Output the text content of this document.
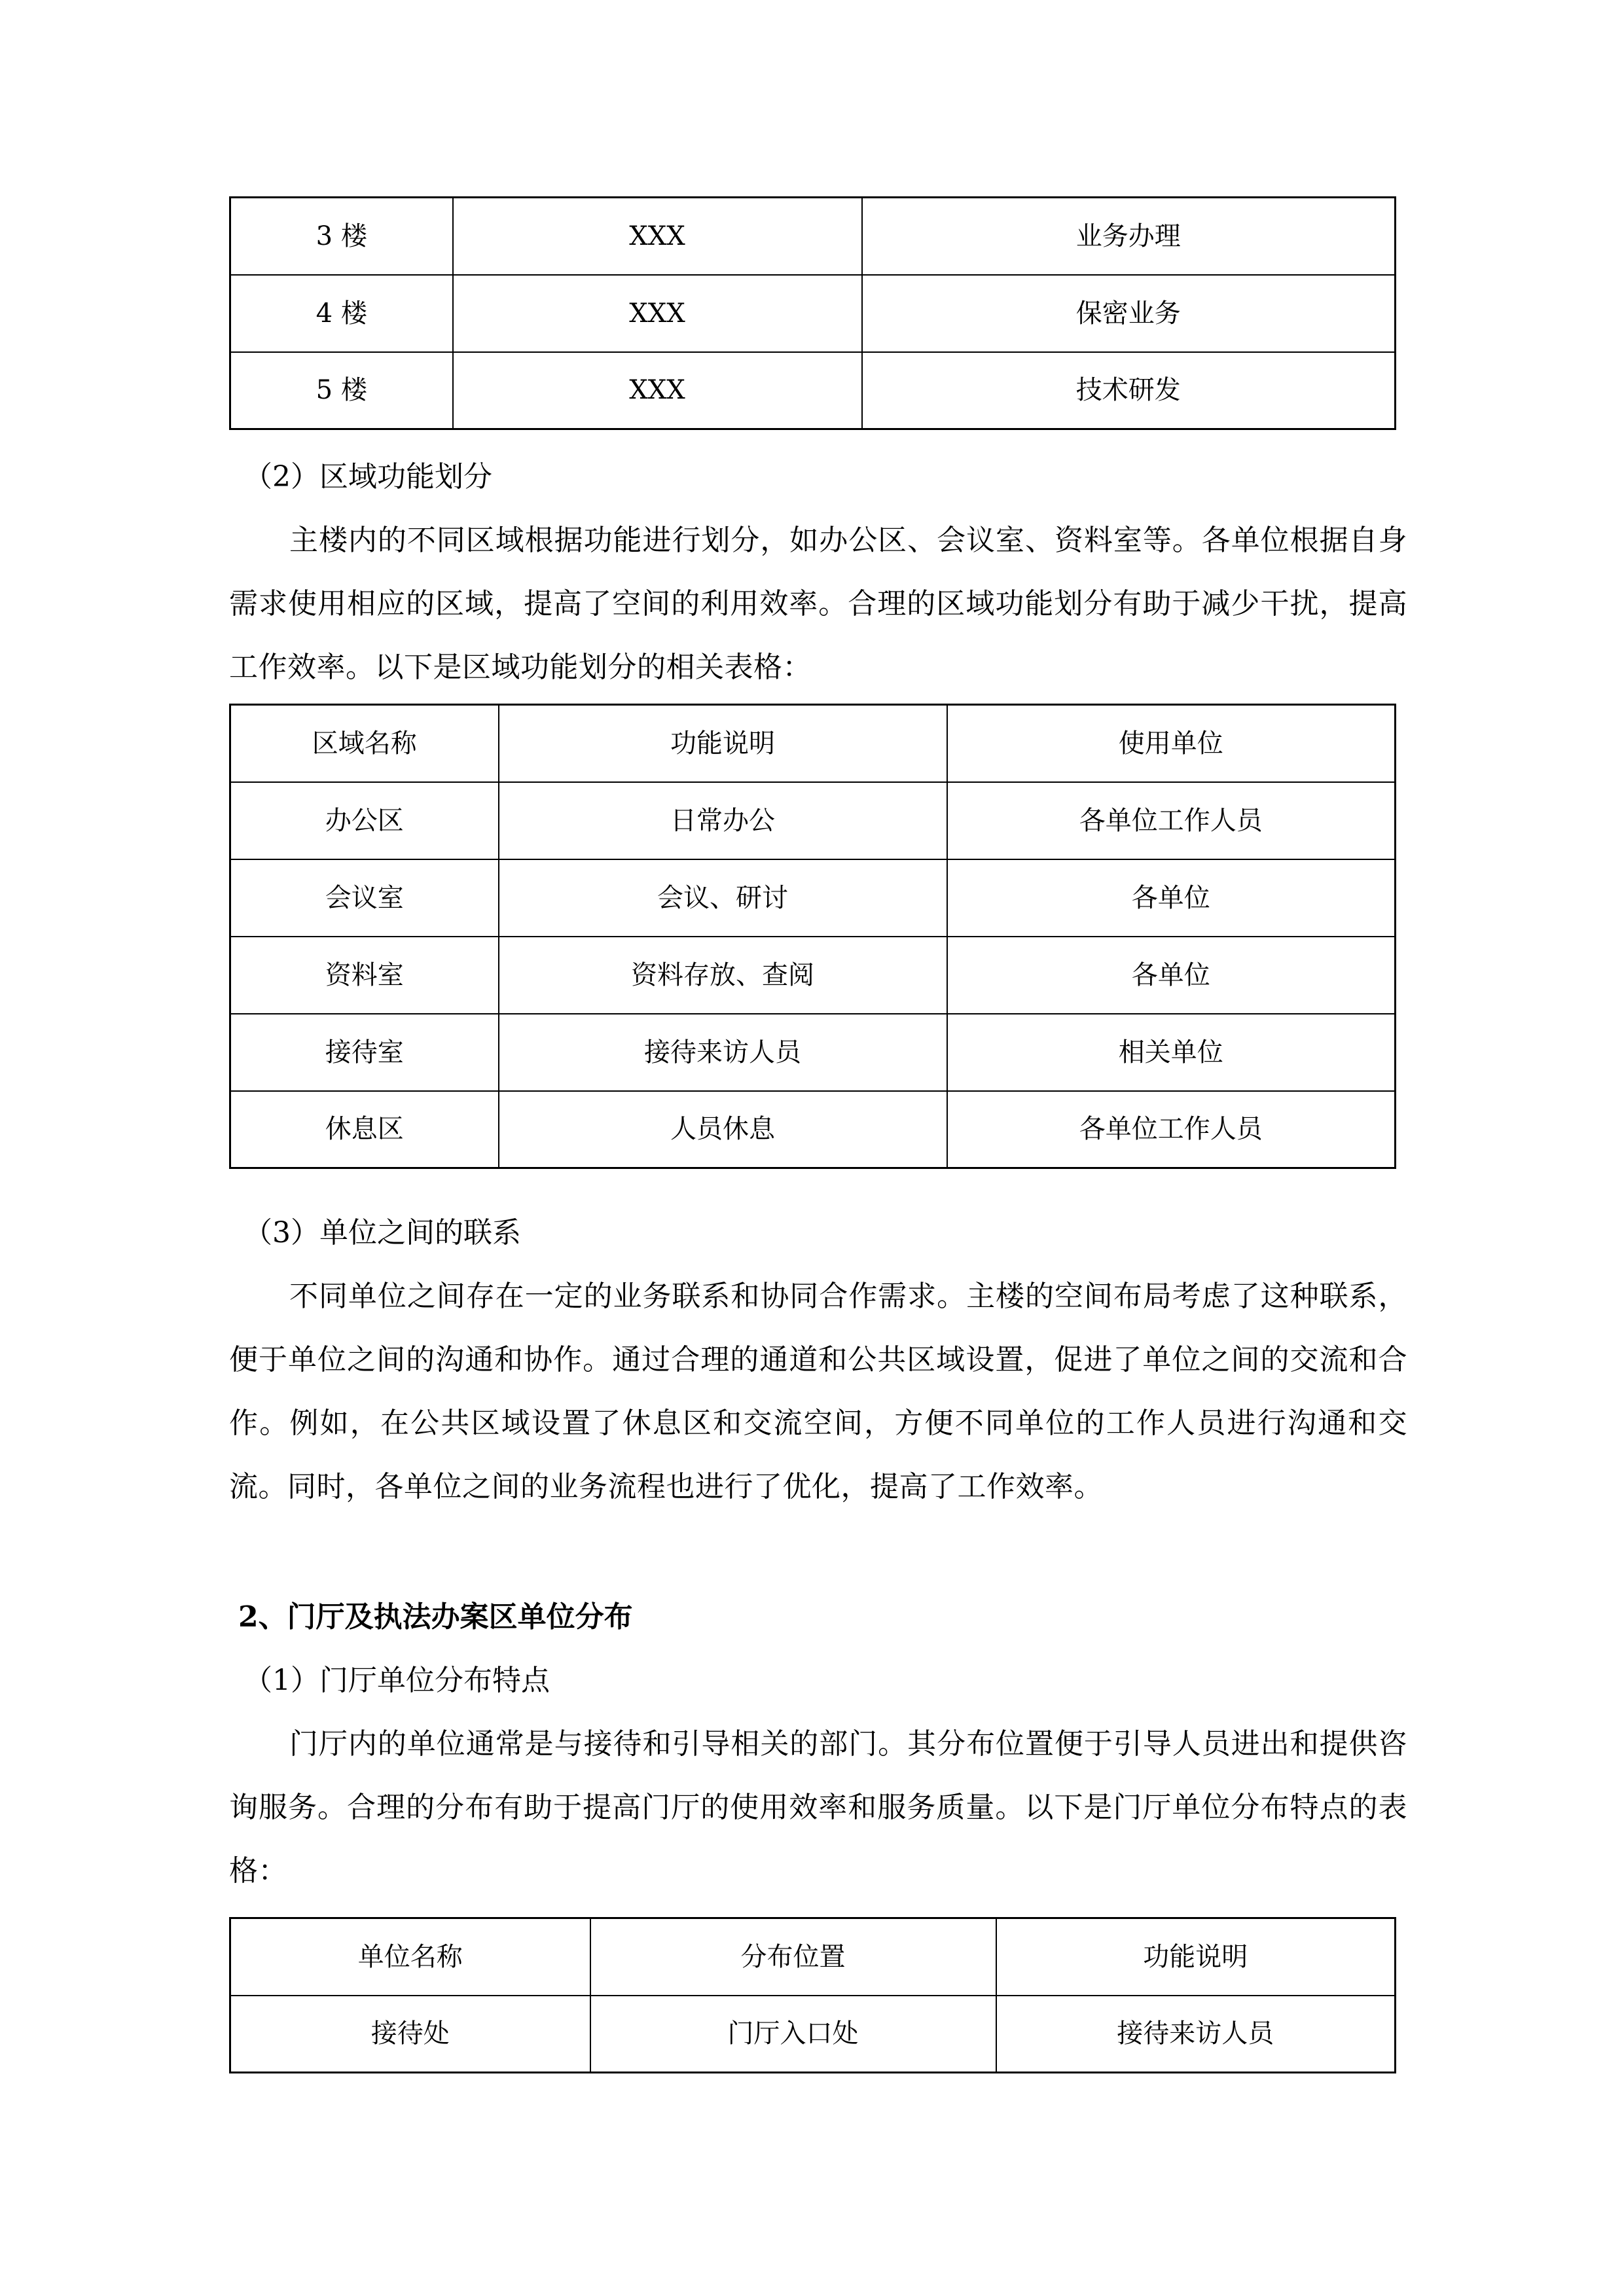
3 楼	XXX	业务办理
4 楼	XXX	保密业务
5 楼	XXX	技术研发
（2）区域功能划分
主楼内的不同区域根据功能进行划分，如办公区、会议室、资料室等。各单位根据自身需求使用相应的区域，提高了空间的利用效率。合理的区域功能划分有助于减少干扰，提高工作效率。以下是区域功能划分的相关表格：
区域名称	功能说明	使用单位
办公区	日常办公	各单位工作人员
会议室	会议、研讨	各单位
资料室	资料存放、查阅	各单位
接待室	接待来访人员	相关单位
休息区	人员休息	各单位工作人员
（3）单位之间的联系
不同单位之间存在一定的业务联系和协同合作需求。主楼的空间布局考虑了这种联系，便于单位之间的沟通和协作。通过合理的通道和公共区域设置，促进了单位之间的交流和合作。例如，在公共区域设置了休息区和交流空间，方便不同单位的工作人员进行沟通和交流。同时，各单位之间的业务流程也进行了优化，提高了工作效率。
2、门厅及执法办案区单位分布
（1）门厅单位分布特点
门厅内的单位通常是与接待和引导相关的部门。其分布位置便于引导人员进出和提供咨询服务。合理的分布有助于提高门厅的使用效率和服务质量。以下是门厅单位分布特点的表格：
单位名称	分布位置	功能说明
接待处	门厅入口处	接待来访人员
